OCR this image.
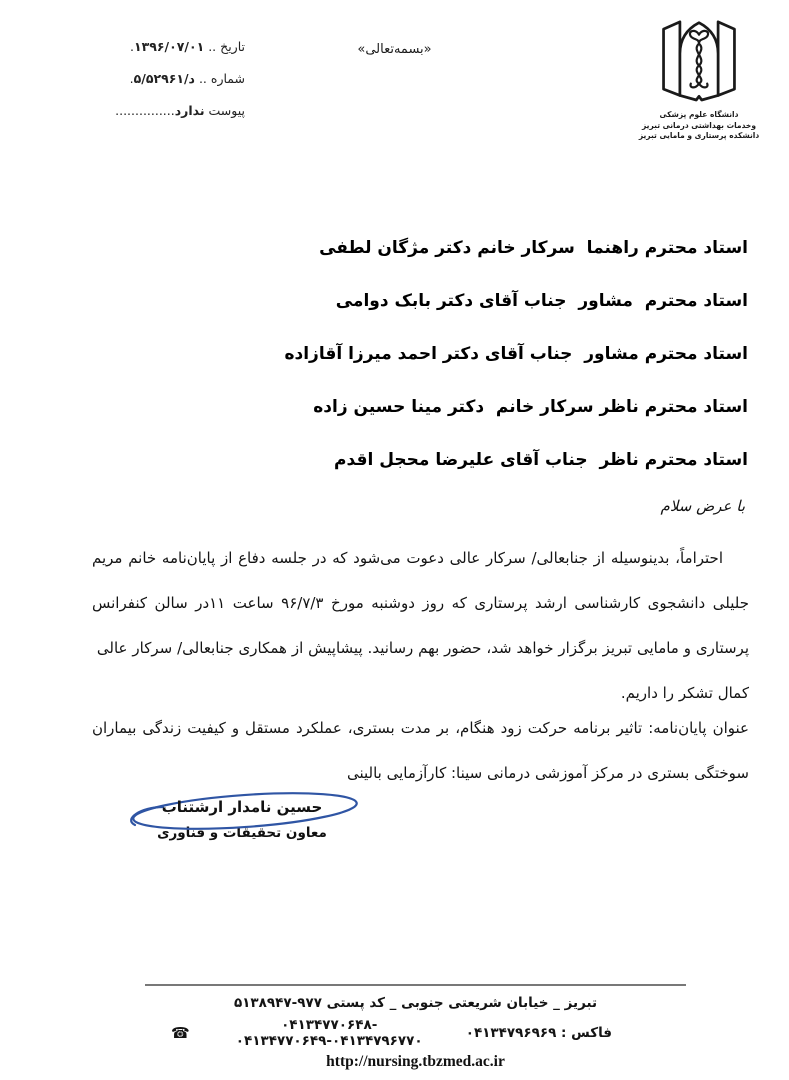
تاریخ .. ۱۳۹۶/۰۷/۰۱.
شماره .. ۵/د/۵۲۹۶۱.
پیوست ندارد...............
«بسمه‌تعالی»
دانشگاه علوم پزشکی
وخدمات بهداشتی درمانی تبریز
دانشکده پرستاری و مامایی تبریز
استاد محترم راهنما  سرکار خانم دکتر مژگان لطفی
استاد محترم  مشاور  جناب آقای دکتر بابک دوامی
استاد محترم مشاور  جناب آقای دکتر احمد میرزا آقازاده
استاد محترم ناظر سرکار خانم  دکتر مینا حسین زاده
استاد محترم ناظر  جناب آقای علیرضا محجل اقدم
با عرض سلام

احتراماً، بدینوسیله از جنابعالی/ سرکار عالی دعوت می‌شود که در جلسه دفاع از پایان‌نامه خانم مریم جلیلی دانشجوی کارشناسی ارشد پرستاری که روز دوشنبه مورخ ۹۶/۷/۳ ساعت ۱۱در سالن کنفرانس پرستاری و مامایی تبریز برگزار خواهد شد، حضور بهم رسانید. پیشاپیش از همکاری جنابعالی/ سرکار عالی  کمال تشکر را داریم.

عنوان پایان‌نامه: تاثیر برنامه حرکت زود هنگام، بر مدت بستری، عملکرد مستقل و کیفیت زندگی بیماران سوختگی بستری در مرکز آموزشی درمانی سینا: کارآزمایی بالینی

حسین نامدار ارشتناب
معاون تحقیقات و فناوری
تبریز _ خیابان شریعتی جنوبی _ کد پستی ۵۱۳۸۹۴۷-۹۷۷
☎	۰۴۱۳۴۷۷۰۶۴۸- ۰۴۱۳۴۷۷۰۶۴۹-۰۴۱۳۴۷۹۶۷۷۰	فاکس : ۰۴۱۳۴۷۹۶۹۶۹
http://nursing.tbzmed.ac.ir
